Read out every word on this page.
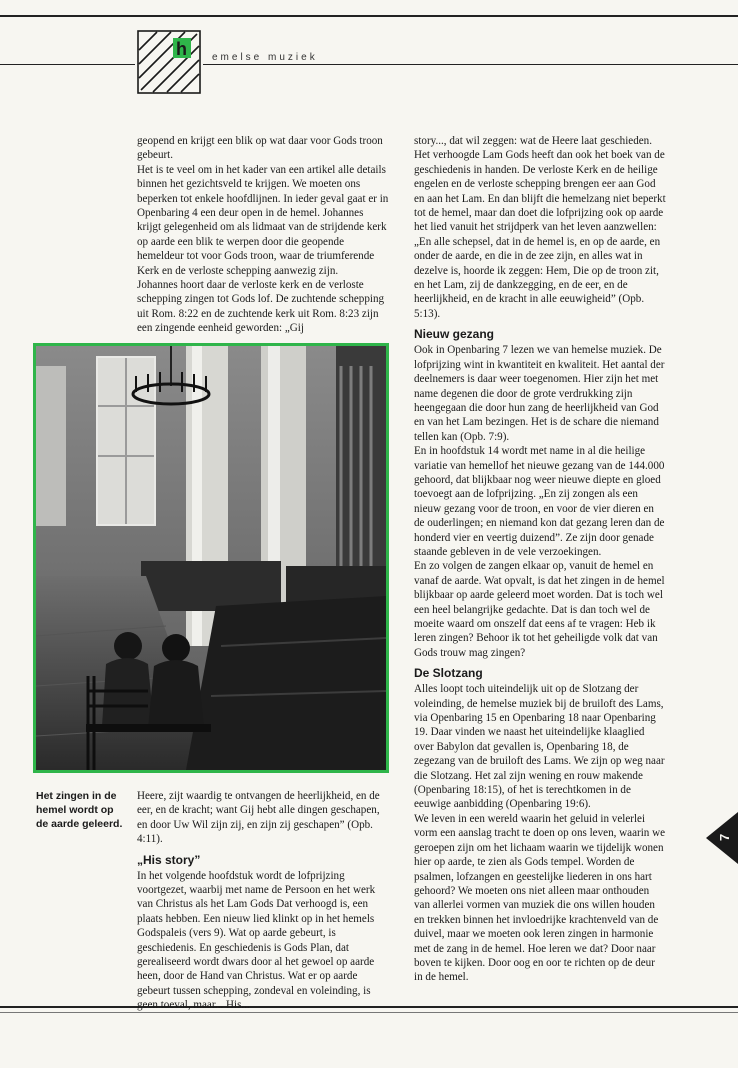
h	emelse muziek

geopend en krijgt een blik op wat daar voor Gods troon gebeurt.

Het is te veel om in het kader van een artikel alle details binnen het gezichtsveld te krijgen. We moeten ons beperken tot enkele hoofdlijnen. In ieder geval gaat er in Openbaring 4 een deur open in de hemel. Johannes krijgt gelegenheid om als lidmaat van de strijdende kerk op aarde een blik te werpen door die geopende hemeldeur tot voor Gods troon, waar de triumferende Kerk en de verloste schepping aanwezig zijn.

Johannes hoort daar de verloste kerk en de verloste schepping zingen tot Gods lof. De zuchtende schepping uit Rom. 8:22 en de zuchtende kerk uit Rom. 8:23 zijn een zingende eenheid geworden: „Gij

Het zingen in de hemel wordt op de aarde geleerd.

Heere, zijt waardig te ontvangen de heerlijkheid, en de eer, en de kracht; want Gij hebt alle dingen geschapen, en door Uw Wil zijn zij, en zijn zij geschapen” (Opb. 4:11).

„His story”

In het volgende hoofdstuk wordt de lofprijzing voortgezet, waarbij met name de Persoon en het werk van Christus als het Lam Gods Dat verhoogd is, een plaats hebben. Een nieuw lied klinkt op in het hemels Godspaleis (vers 9). Wat op aarde gebeurt, is geschiedenis. En geschiedenis is Gods Plan, dat gerealiseerd wordt dwars door al het gewoel op aarde heen, door de Hand van Christus. Wat er op aarde gebeurt tussen schepping, zondeval en voleinding, is geen toeval, maar... His...

story..., dat wil zeggen: wat de Heere laat geschieden. Het verhoogde Lam Gods heeft dan ook het boek van de geschiedenis in handen. De verloste Kerk en de heilige engelen en de verloste schepping brengen eer aan God en aan het Lam. En dan blijft die hemelzang niet beperkt tot de hemel, maar dan doet die lofprijzing ook op aarde het lied vanuit het strijdperk van het leven aanzwellen: „En alle schepsel, dat in de hemel is, en op de aarde, en onder de aarde, en die in de zee zijn, en alles wat in dezelve is, hoorde ik zeggen: Hem, Die op de troon zit, en het Lam, zij de dankzegging, en de eer, en de heerlijkheid, en de kracht in alle eeuwigheid” (Opb. 5:13).

Nieuw gezang

Ook in Openbaring 7 lezen we van hemelse muziek. De lofprijzing wint in kwantiteit en kwaliteit. Het aantal der deelnemers is daar weer toegenomen. Hier zijn het met name degenen die door de grote verdrukking zijn heengegaan die door hun zang de heerlijkheid van God en van het Lam bezingen. Het is de schare die niemand tellen kan (Opb. 7:9).

En in hoofdstuk 14 wordt met name in al die heilige variatie van hemellof het nieuwe gezang van de 144.000 gehoord, dat blijkbaar nog weer nieuwe diepte en gloed toevoegt aan de lofprijzing. „En zij zongen als een nieuw gezang voor de troon, en voor de vier dieren en de ouderlingen; en niemand kon dat gezang leren dan de honderd vier en veertig duizend”. Ze zijn door genade staande gebleven in de vele verzoekingen.

En zo volgen de zangen elkaar op, vanuit de hemel en vanaf de aarde. Wat opvalt, is dat het zingen in de hemel blijkbaar op aarde geleerd moet worden. Dat is toch wel een heel belangrijke gedachte. Dat is dan toch wel de moeite waard om onszelf dat eens af te vragen: Heb ik leren zingen? Behoor ik tot het geheiligde volk dat van Gods trouw mag zingen?

De Slotzang

Alles loopt toch uiteindelijk uit op de Slotzang der voleinding, de hemelse muziek bij de bruiloft des Lams, via Openbaring 15 en Openbaring 18 naar Openbaring 19. Daar vinden we naast het uiteindelijke klaaglied over Babylon dat gevallen is, Openbaring 18, de zegezang van de bruiloft des Lams. We zijn op weg naar die Slotzang. Het zal zijn wening en rouw makende (Openbaring 18:15), of het is terechtkomen in de eeuwige aanbidding (Openbaring 19:6).

We leven in een wereld waarin het geluid in velerlei vorm een aanslag tracht te doen op ons leven, waarin we geroepen zijn om het lichaam waarin we tijdelijk wonen hier op aarde, te zien als Gods tempel. Worden de psalmen, lofzangen en geestelijke liederen in ons hart gehoord? We moeten ons niet alleen maar onthouden van allerlei vormen van muziek die ons willen houden en trekken binnen het invloedrijke krachtenveld van de duivel, maar we moeten ook leren zingen in harmonie met de zang in de hemel. Hoe leren we dat? Door naar boven te kijken. Door oog en oor te richten op de deur in de hemel.

7
